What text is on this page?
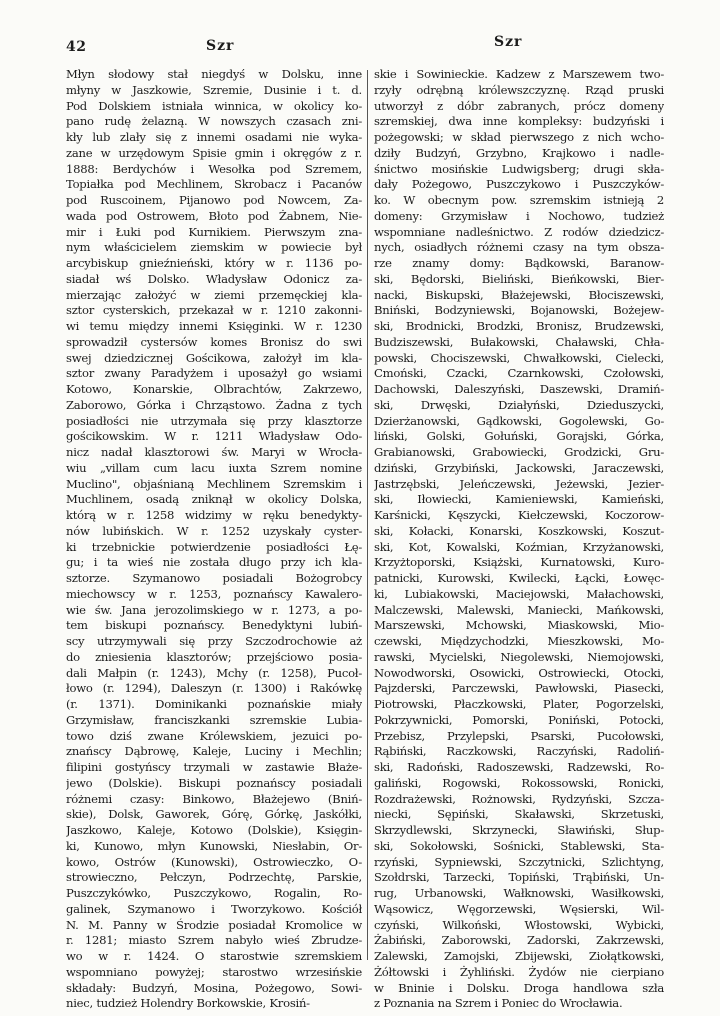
42	Szr	Szr
Młyn słodowy stał niegdyś w Dolsku, inne
młyny w Jaszkowie, Szremie, Dusinie i t. d.
Pod Dolskiem istniała winnica, w okolicy ko-
pano rudę żelazną. W nowszych czasach zni-
kły lub zlały się z innemi osadami nie wyka-
zane w urzędowym Spisie gmin i okręgów z r.
1888: Berdychów i Wesołka pod Szremem,
Topiałka pod Mechlinem, Skrobacz i Pacanów
pod Ruscoinem, Pijanowo pod Nowcem, Za-
wada pod Ostrowem, Błoto pod Żabnem, Nie-
mir i Łuki pod Kurnikiem. Pierwszym zna-
nym właścicielem ziemskim w powiecie był
arcybiskup gnieźnieński, który w r. 1136 po-
siadał wś Dolsko. Władysław Odonicz za-
mierzając założyć w ziemi przemęckiej kla-
sztor cysterskich, przekazał w r. 1210 zakonni-
wi temu między innemi Księginki. W r. 1230
sprowadził cystersów komes Bronisz do swi
swej dziedzicznej Gościkowa, założył im kla-
sztor zwany Paradyżem i uposażył go wsiami
Kotowo, Konarskie, Olbrachtów, Zakrzewo,
Zaborowo, Górka i Chrząstowo. Żadna z tych
posiadłości nie utrzymała się przy klasztorze
gościkowskim. W r. 1211 Władysław Odo-
nicz nadał klasztorowi św. Maryi w Wrocła-
wiu „villam cum lacu iuxta Szrem nomine
Muclino", objaśnianą Mechlinem Szremskim i
Muchlinem, osadą zniknął w okolicy Dolska,
którą w r. 1258 widzimy w ręku benedykty-
nów lubińskich. W r. 1252 uzyskały cyster-
ki trzebnickie potwierdzenie posiadłości Łę-
gu; i ta wieś nie została długo przy ich kla-
sztorze. Szymanowo posiadali Bożogrobcy
miechowscy w r. 1253, poznańscy Kawalero-
wie św. Jana jerozolimskiego w r. 1273, a po-
tem biskupi poznańscy. Benedyktyni lubiń-
scy utrzymywali się przy Szczodrochowie aż
do zniesienia klasztorów; przejściowo posia-
dali Małpin (r. 1243), Mchy (r. 1258), Pucoł-
łowo (r. 1294), Daleszyn (r. 1300) i Rakówkę
(r. 1371). Dominikanki poznańskie miały
Grzymisław, franciszkanki szremskie Lubia-
towo dziś zwane Królewskiem, jezuici po-
znańscy Dąbrowę, Kaleje, Luciny i Mechlin;
filipini gostyńscy trzymali w zastawie Błaże-
jewo (Dolskie). Biskupi poznańscy posiadali
różnemi czasy: Binkowo, Błażejewo (Bniń-
skie), Dolsk, Gaworek, Górę, Górkę, Jaskółki,
Jaszkowo, Kaleje, Kotowo (Dolskie), Księgin-
ki, Kunowo, młyn Kunowski, Niesłabin, Or-
kowo, Ostrów (Kunowski), Ostrowieczko, O-
strowieczno, Pełczyn, Podrzechtę, Parskie,
Puszczykówko, Puszczykowo, Rogalin, Ro-
galinek, Szymanowo i Tworzykowo. Kościół
N. M. Panny w Środzie posiadał Kromolice w
r. 1281; miasto Szrem nabyło wieś Zbrudze-
wo w r. 1424. O starostwie szremskiem
wspomniano powyżej; starostwo wrzesińskie
składały: Budzyń, Mosina, Pożegowo, Sowi-
niec, tudzież Holendry Borkowskie, Krosiń-
skie i Sowinieckie. Kadzew z Marszewem two-
rzyły odrębną królewszczyznę. Rząd pruski
utworzył z dóbr zabranych, prócz domeny
szremskiej, dwa inne kompleksy: budzyński i
pożegowski; w skład pierwszego z nich wcho-
dziły Budzyń, Grzybno, Krajkowo i nadle-
śnictwo mosińskie Ludwigsberg; drugi skła-
dały Pożegowo, Puszczykowo i Puszczyków-
ko. W obecnym pow. szremskim istnieją 2
domeny: Grzymisław i Nochowo, tudzież
wspomniane nadleśnictwo. Z rodów dziedzicz-
nych, osiadłych różnemi czasy na tym obsza-
rze znamy domy: Bądkowski, Baranow-
ski, Będorski, Bieliński, Bieńkowski, Bier-
nacki, Biskupski, Błażejewski, Błociszewski,
Bniński, Bodzyniewski, Bojanowski, Bożejew-
ski, Brodnicki, Brodzki, Bronisz, Brudzewski,
Budziszewski, Bułakowski, Chaławski, Chła-
powski, Chociszewski, Chwałkowski, Cielecki,
Cmoński, Czacki, Czarnkowski, Czołowski,
Dachowski, Daleszyński, Daszewski, Dramiń-
ski, Drwęski, Działyński, Dzieduszycki,
Dzierżanowski, Gądkowski, Gogolewski, Go-
liński, Golski, Gołuński, Gorajski, Górka,
Grabianowski, Grabowiecki, Grodzicki, Gru-
dziński, Grzybiński, Jackowski, Jaraczewski,
Jastrzębski, Jeleńczewski, Jeżewski, Jezier-
ski, Iłowiecki, Kamieniewski, Kamieński,
Karśnicki, Kęszycki, Kiełczewski, Koczorow-
ski, Kołacki, Konarski, Koszkowski, Koszut-
ski, Kot, Kowalski, Koźmian, Krzyżanowski,
Krzyżtoporski, Książski, Kurnatowski, Kuro-
patnicki, Kurowski, Kwilecki, Łącki, Łowęc-
ki, Lubiakowski, Maciejowski, Małachowski,
Malczewski, Malewski, Maniecki, Mańkowski,
Marszewski, Mchowski, Miaskowski, Mio-
czewski, Międzychodzki, Mieszkowski, Mo-
rawski, Mycielski, Niegolewski, Niemojowski,
Nowodworski, Osowicki, Ostrowiecki, Otocki,
Pajzderski, Parczewski, Pawłowski, Piasecki,
Piotrowski, Płaczkowski, Plater, Pogorzelski,
Pokrzywnicki, Pomorski, Poniński, Potocki,
Przebisz, Przylepski, Psarski, Pucołowski,
Rąbiński, Raczkowski, Raczyński, Radoliń-
ski, Radoński, Radoszewski, Radzewski, Ro-
galiński, Rogowski, Rokossowski, Ronicki,
Rozdrażewski, Rożnowski, Rydzyński, Szcza-
niecki, Sępiński, Skaławski, Skrzetuski,
Skrzydlewski, Skrzynecki, Sławiński, Słup-
ski, Sokołowski, Sośnicki, Stablewski, Sta-
rzyński, Sypniewski, Szczytnicki, Szlichtyng,
Szołdrski, Tarzecki, Topiński, Trąbiński, Un-
rug, Urbanowski, Wałknowski, Wasiłkowski,
Wąsowicz, Węgorzewski, Węsierski, Wil-
czyński, Wilkoński, Włostowski, Wybicki,
Żabiński, Zaborowski, Zadorski, Zakrzewski,
Zalewski, Zamojski, Zbijewski, Ziołątkowski,
Żółtowski i Żyhliński. Żydów nie cierpiano
w Bninie i Dolsku. Droga handlowa szła
z Poznania na Szrem i Poniec do Wrocławia.
